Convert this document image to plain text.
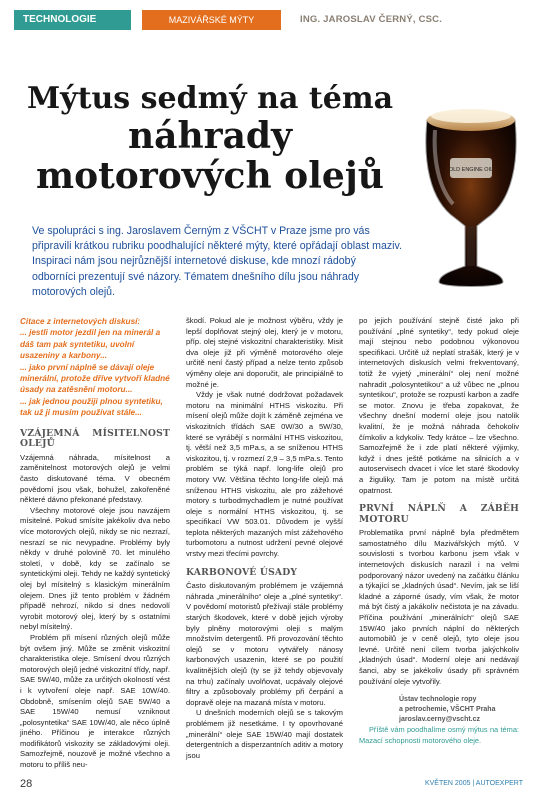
TECHNOLOGIE	MAZIVÁŘSKÉ MÝTY	ING. JAROSLAV ČERNÝ, CSC.
Mýtus sedmý na téma
náhrady
motorových olejů	OLD ENGINE OIL

Ve spolupráci s ing. Jaroslavem Černým z VŠCHT v Praze jsme pro vás připravili krátkou rubriku poodhalující některé mýty, které opřádají oblast maziv. Inspiraci nám jsou nejrůznější internetové diskuse, kde mnozí rádobý odborníci prezentují své názory. Tématem dnešního dílu jsou náhrady motorových olejů.

Citace z internetových diskusí:
... jestli motor jezdil jen na minerál a dáš tam pak syntetiku, uvolní usazeniny a karbony...
... jako první náplně se dávají oleje minerální, protože dříve vytvoří kladné úsady na zatěsnění motoru...
... jak jednou použiji plnou syntetiku, tak už ji musím používat stále...
VZÁJEMNÁ MÍSITELNOST OLEJŮ

Vzájemná náhrada, mísitelnost a zaměnitelnost motorových olejů je velmi často diskutované téma. V obecném povědomí jsou však, bohužel, zakořeněné některé dávno překonané představy.

Všechny motorové oleje jsou navzájem mísitelné. Pokud smísíte jakékoliv dva nebo více motorových olejů, nikdy se nic nezrazí, nesrazí se nic nevypadne. Problémy byly někdy v druhé polovině 70. let minulého století, v době, kdy se začínalo se syntetickými oleji. Tehdy ne každý syntetický olej byl mísitelný s klasickým minerálním olejem. Dnes již tento problém v žádném případě nehrozí, nikdo si dnes nedovolí vyrobit motorový olej, který by s ostatními nebyl mísitelný.

Problém při mísení různých olejů může být ovšem jiný. Může se změnit viskozitní charakteristika oleje. Smísení dvou různých motorových olejů jedné viskozitní třídy, např. SAE 5W/40, může za určitých okolností vést i k vytvoření oleje např. SAE 10W/40. Obdobně, smísením olejů SAE 5W/40 a SAE 15W/40 nemusí vzniknout „polosyntetika“ SAE 10W/40, ale něco úplně jiného. Příčinou je interakce různých modifikátorů viskozity se základovými oleji. Samozřejmě, nouzově je možné všechno a motoru to příliš neu-

škodí. Pokud ale je možnost výběru, vždy je lepší doplňovat stejný olej, který je v motoru, příp. olej stejné viskozitní charakteristiky. Misit dva oleje již při výměně motorového oleje určitě není častý případ a nelze tento způsob výměny oleje ani doporučit, ale principiálně to možné je.

Vždy je však nutné dodržovat požadavek motoru na minimální HTHS viskozitu. Při mísení olejů může dojít k záměně zejména ve viskozitních třídách SAE 0W/30 a 5W/30, které se vyrábějí s normální HTHS viskozitou, tj. větší než 3,5 mPa.s, a se sníženou HTHS viskozitou, tj. v rozmezí 2,9 – 3,5 mPa.s. Tento problém se týká např. long-life olejů pro motory VW. Většina těchto long-life olejů má sníženou HTHS viskozitu, ale pro zážehové motory s turbodmychadlem je nutné používat oleje s normální HTHS viskozitou, tj. se specifikací VW 503.01. Důvodem je vyšší teplota některých mazaných míst zážehového turbomotoru a nutnost udržení pevné olejové vrstvy mezi třecími povrchy.

KARBONOVÉ ÚSADY

Často diskutovaným problémem je vzájemná náhrada „minerálního“ oleje a „plné syntetiky“. V povědomí motoristů přežívají stále problémy starých škodovek, které v době jejich výroby byly plněny motorovými oleji s malým množstvím detergentů. Při provozování těchto olejů se v motoru vytvářely nánosy karbonových usazenin, které se po použití kvalitnějších olejů (ty se již tehdy objevovaly na trhu) začínaly uvolňovat, ucpávaly olejové filtry a způsobovaly problémy při čerpání a dopravě oleje na mazaná místa v motoru.

U dnešních moderních olejů se s takovým problémem již nesetkáme. I ty opovrhované „minerální“ oleje SAE 15W/40 mají dostatek detergentních a disperzantních aditiv a motory jsou

po jejich používání stejně čisté jako při používání „plné syntetiky“, tedy pokud oleje mají stejnou nebo podobnou výkonovou specifikaci. Určitě už neplatí strašák, který je v internetových diskusích velmi frekventovaný, totiž že vyjetý „minerální“ olej není možné nahradit „polosyntetikou“ a už vůbec ne „plnou syntetikou“, protože se rozpustí karbon a zadře se motor. Znovu je třeba zopakovat, že všechny dnešní moderní oleje jsou natolik kvalitní, že je možná náhrada čehokoliv čímkoliv a kdykoliv. Tedy krátce – lze všechno. Samozřejmě že i zde platí některé výjimky, když i dnes ještě potkáme na silnicích a v autoservisech dvacet i více let staré škodovky a žiguliky. Tam je potom na místě určitá opatrnost.

PRVNÍ NÁPLŇ A ZÁBĚH MOTORU

Problematika první náplně byla předmětem samostatného dílu Mazivářských mýtů. V souvislosti s tvorbou karbonu jsem však v internetových diskusích narazil i na velmi podporovaný názor uvedený na začátku článku a týkající se „kladných úsad“. Nevím, jak se liší kladné a záporné úsady, vím však, že motor má být čistý a jakákoliv nečistota je na závadu. Příčina používání „minerálních“ olejů SAE 15W/40 jako prvních náplní do některých automobilů je v ceně olejů, tyto oleje jsou levné. Určitě není cílem tvorba jakýchkoliv „kladných úsad“. Moderní oleje ani nedávají šanci, aby se jakékoliv úsady při správném používání oleje vytvořily.

Ústav technologie ropy
a petrochemie, VŠCHT Praha
jaroslav.cerny@vscht.cz

Příště vám poodhalíme osmý mýtus na téma: Mazací schopnosti motorového oleje.

28	KVĚTEN 2005 | AUTOEXPERT
